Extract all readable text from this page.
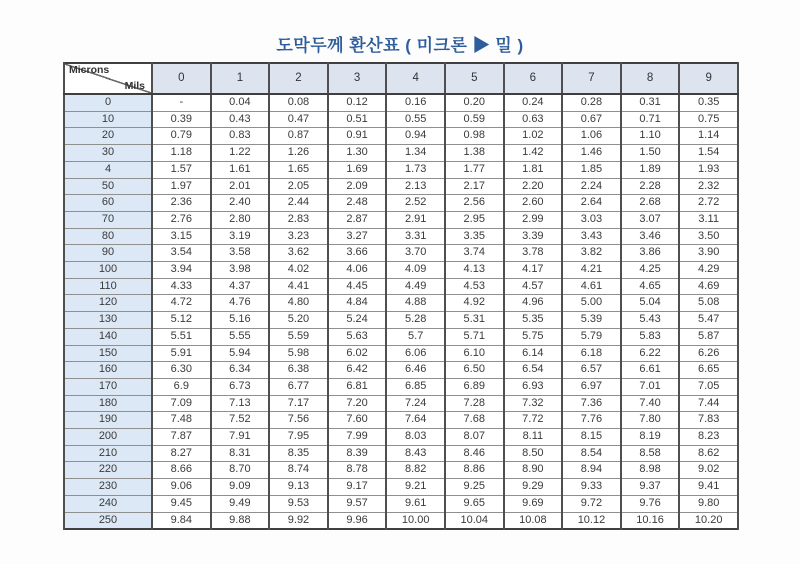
도막두께 환산표 ( 미크론 ▶ 밀 )
Microns
Mils	0	1	2	3	4	5	6	7	8	9
0	-	0.04	0.08	0.12	0.16	0.20	0.24	0.28	0.31	0.35
10	0.39	0.43	0.47	0.51	0.55	0.59	0.63	0.67	0.71	0.75
20	0.79	0.83	0.87	0.91	0.94	0.98	1.02	1.06	1.10	1.14
30	1.18	1.22	1.26	1.30	1.34	1.38	1.42	1.46	1.50	1.54
4	1.57	1.61	1.65	1.69	1.73	1.77	1.81	1.85	1.89	1.93
50	1.97	2.01	2.05	2.09	2.13	2.17	2.20	2.24	2.28	2.32
60	2.36	2.40	2.44	2.48	2.52	2.56	2.60	2.64	2.68	2.72
70	2.76	2.80	2.83	2.87	2.91	2.95	2.99	3.03	3.07	3.11
80	3.15	3.19	3.23	3.27	3.31	3.35	3.39	3.43	3.46	3.50
90	3.54	3.58	3.62	3.66	3.70	3.74	3.78	3.82	3.86	3.90
100	3.94	3.98	4.02	4.06	4.09	4.13	4.17	4.21	4.25	4.29
110	4.33	4.37	4.41	4.45	4.49	4.53	4.57	4.61	4.65	4.69
120	4.72	4.76	4.80	4.84	4.88	4.92	4.96	5.00	5.04	5.08
130	5.12	5.16	5.20	5.24	5.28	5.31	5.35	5.39	5.43	5.47
140	5.51	5.55	5.59	5.63	5.7	5.71	5.75	5.79	5.83	5.87
150	5.91	5.94	5.98	6.02	6.06	6.10	6.14	6.18	6.22	6.26
160	6.30	6.34	6.38	6.42	6.46	6.50	6.54	6.57	6.61	6.65
170	6.9	6.73	6.77	6.81	6.85	6.89	6.93	6.97	7.01	7.05
180	7.09	7.13	7.17	7.20	7.24	7.28	7.32	7.36	7.40	7.44
190	7.48	7.52	7.56	7.60	7.64	7.68	7.72	7.76	7.80	7.83
200	7.87	7.91	7.95	7.99	8.03	8.07	8.11	8.15	8.19	8.23
210	8.27	8.31	8.35	8.39	8.43	8.46	8.50	8.54	8.58	8.62
220	8.66	8.70	8.74	8.78	8.82	8.86	8.90	8.94	8.98	9.02
230	9.06	9.09	9.13	9.17	9.21	9.25	9.29	9.33	9.37	9.41
240	9.45	9.49	9.53	9.57	9.61	9.65	9.69	9.72	9.76	9.80
250	9.84	9.88	9.92	9.96	10.00	10.04	10.08	10.12	10.16	10.20
